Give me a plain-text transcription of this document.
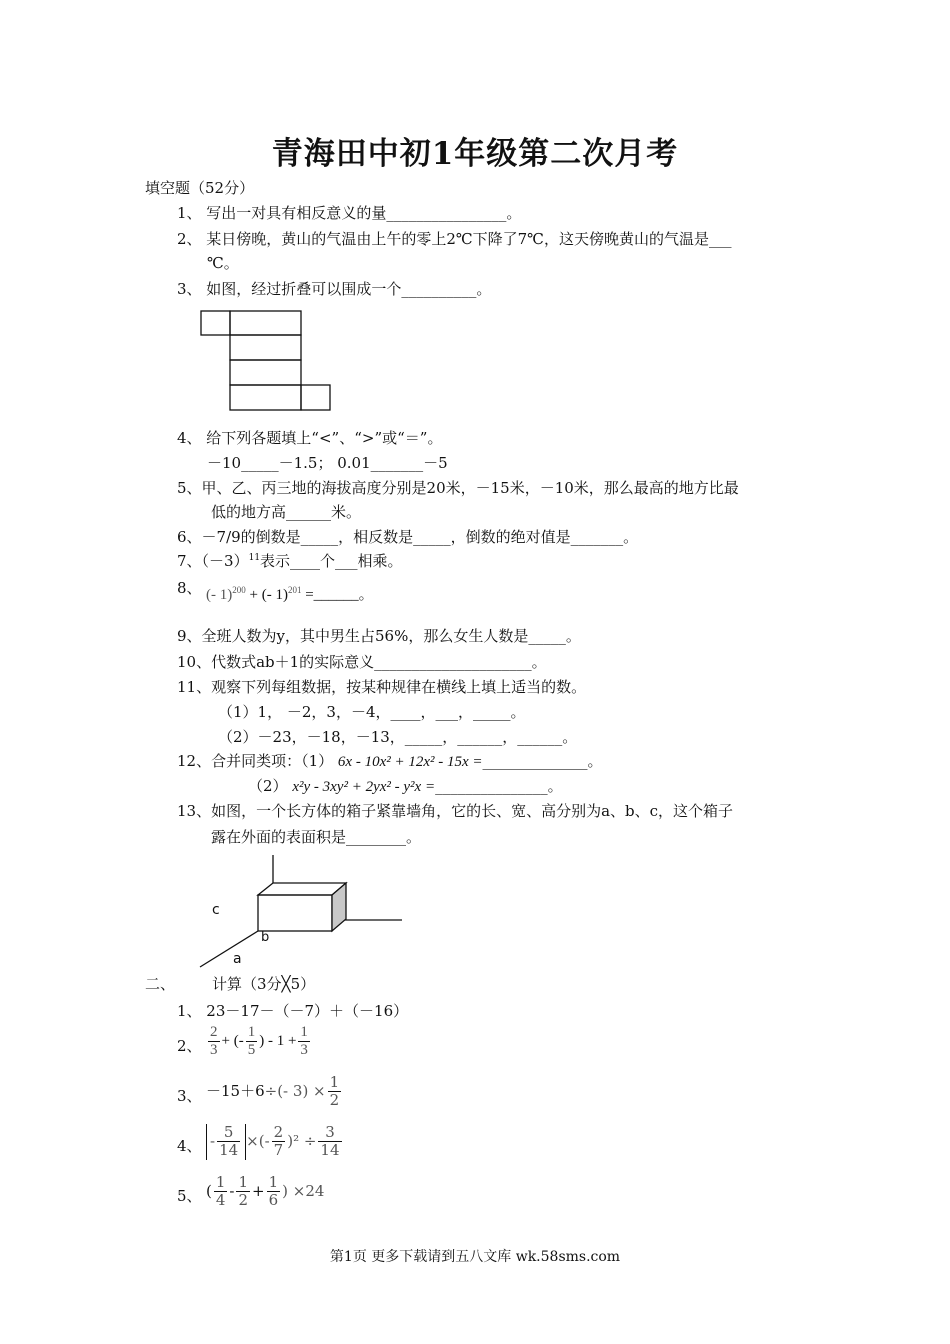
青海田中初1年级第二次月考
填空题（52分）
1、 写出一对具有相反意义的量________________。
2、 某日傍晚，黄山的气温由上午的零上2℃下降了7℃，这天傍晚黄山的气温是___
℃。
3、 如图，经过折叠可以围成一个__________。
4、 给下列各题填上“<”、“>”或“＝”。
－10_____－1.5； 0.01_______－5
5、甲、乙、丙三地的海拔高度分别是20米，－15米，－10米，那么最高的地方比最
低的地方高______米。
6、－7/9的倒数是_____，相反数是_____，倒数的绝对值是_______。
7、$(-3)^{11}$表示____个___相乘。
8、 (- 1)$^{200}$ + (- 1)$^{201}$ =______。
9、全班人数为y，其中男生占56%，那么女生人数是_____。
10、代数式ab＋1的实际意义_____________________。
11、观察下列每组数据，按某种规律在横线上填上适当的数。
（1）1， －2，3，－4，____，___，_____。
（2）－23，－18，－13，_____，______，______。
12、合并同类项：（1） 6x - 10x² + 12x² - 15x =______________。
（2） x²y - 3xy² + 2yx² - y²x =_______________。
13、如图，一个长方体的箱子紧靠墙角，它的长、宽、高分别为a、b、c，这个箱子
露在外面的表面积是________。
c
b
a
二、 计算（3分╳5）
1、 23－17－（－7）＋（－16）
2、 $\frac{2}{3}$ + (- $\frac{1}{5}$ ) - $1 + \frac{1}{3}$
3、 －15＋6÷(- $3) \times \frac{1}{2}$
4、 - $\frac{5}{14}$ ×(- $\frac{2}{7} )^2 \div \frac{3}{14}$
5、 ( $\frac{1}{4} - \frac{1}{2} + \frac{1}{6}$ ) ×24
第1页 更多下载请到五八文库 wk.58sms.com
